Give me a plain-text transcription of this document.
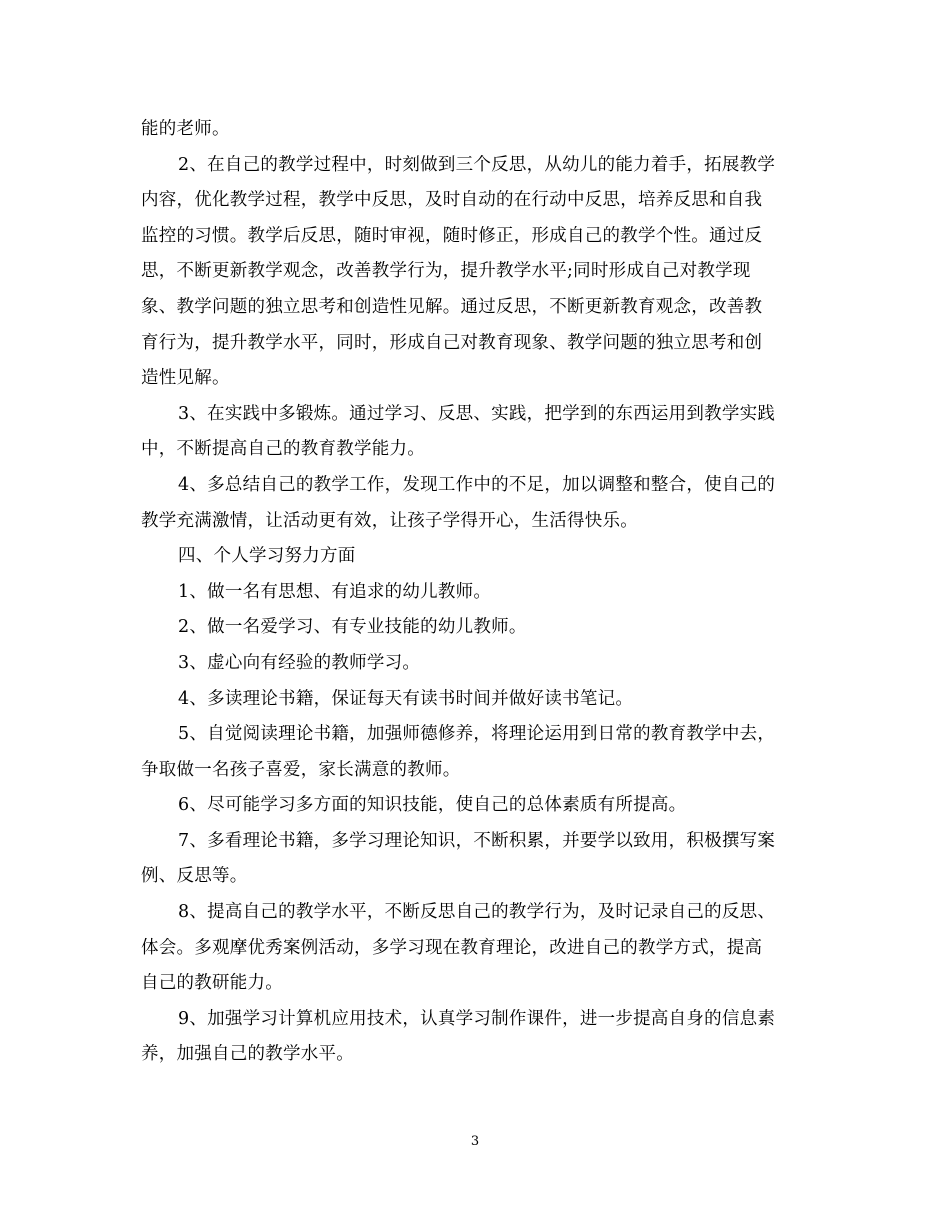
能的老师。
2、在自己的教学过程中，时刻做到三个反思，从幼儿的能力着手，拓展教学
内容，优化教学过程，教学中反思，及时自动的在行动中反思，培养反思和自我
监控的习惯。教学后反思，随时审视，随时修正，形成自己的教学个性。通过反
思，不断更新教学观念，改善教学行为，提升教学水平;同时形成自己对教学现
象、教学问题的独立思考和创造性见解。通过反思，不断更新教育观念，改善教
育行为，提升教学水平，同时，形成自己对教育现象、教学问题的独立思考和创
造性见解。
3、在实践中多锻炼。通过学习、反思、实践，把学到的东西运用到教学实践
中，不断提高自己的教育教学能力。
4、多总结自己的教学工作，发现工作中的不足，加以调整和整合，使自己的
教学充满激情，让活动更有效，让孩子学得开心，生活得快乐。
四、个人学习努力方面
1、做一名有思想、有追求的幼儿教师。
2、做一名爱学习、有专业技能的幼儿教师。
3、虚心向有经验的教师学习。
4、多读理论书籍，保证每天有读书时间并做好读书笔记。
5、自觉阅读理论书籍，加强师德修养，将理论运用到日常的教育教学中去，
争取做一名孩子喜爱，家长满意的教师。
6、尽可能学习多方面的知识技能，使自己的总体素质有所提高。
7、多看理论书籍，多学习理论知识，不断积累，并要学以致用，积极撰写案
例、反思等。
8、提高自己的教学水平，不断反思自己的教学行为，及时记录自己的反思、
体会。多观摩优秀案例活动，多学习现在教育理论，改进自己的教学方式，提高
自己的教研能力。
9、加强学习计算机应用技术，认真学习制作课件，进一步提高自身的信息素
养，加强自己的教学水平。
3
